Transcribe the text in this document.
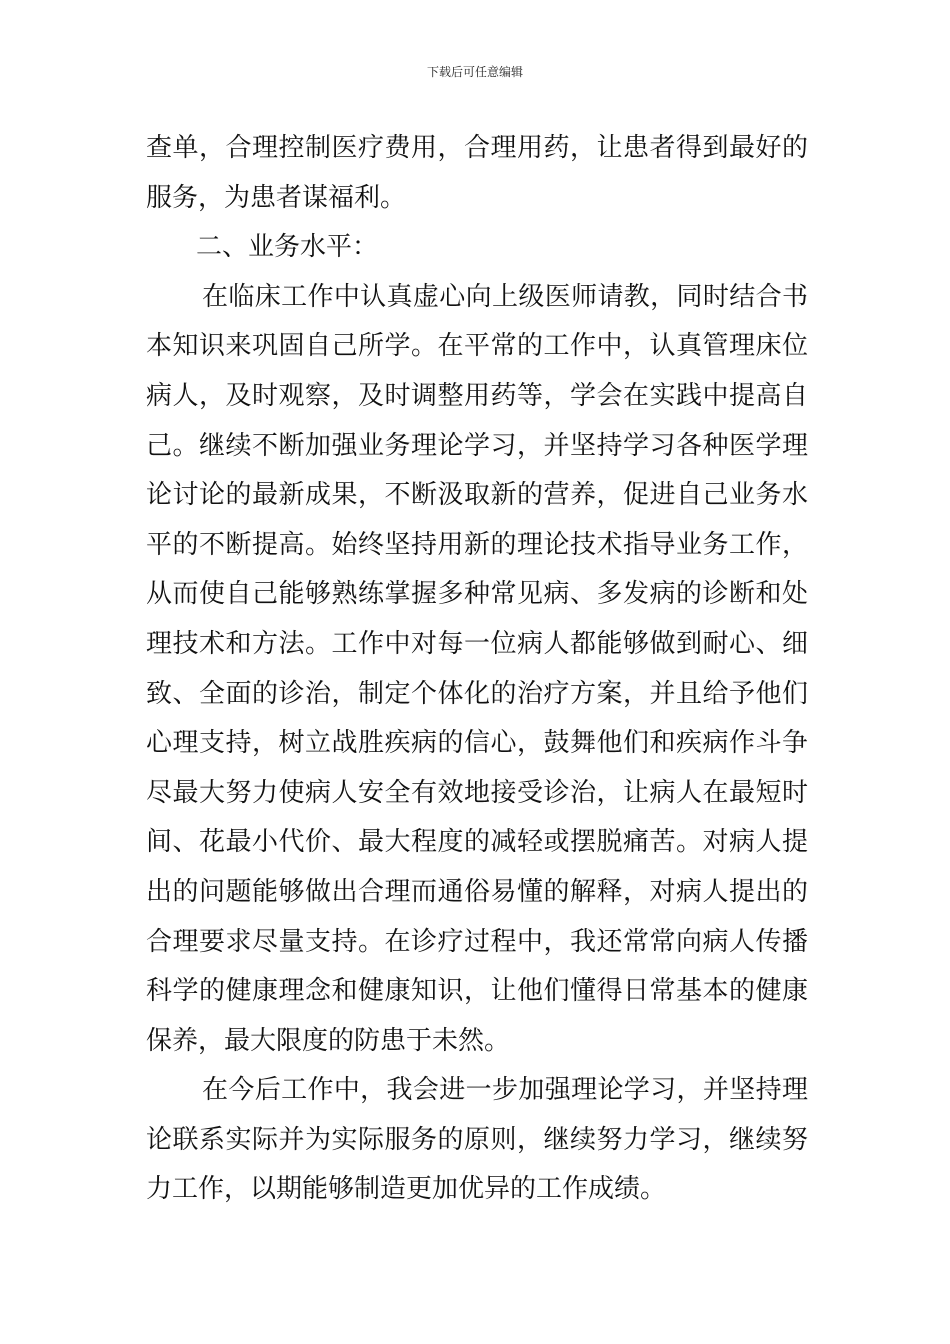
下载后可任意编辑
查单，合理控制医疗费用，合理用药，让患者得到最好的
服务，为患者谋福利。
二、业务水平：
在临床工作中认真虚心向上级医师请教，同时结合书
本知识来巩固自己所学。在平常的工作中，认真管理床位
病人，及时观察，及时调整用药等，学会在实践中提高自
己。继续不断加强业务理论学习，并坚持学习各种医学理
论讨论的最新成果，不断汲取新的营养，促进自己业务水
平的不断提高。始终坚持用新的理论技术指导业务工作，
从而使自己能够熟练掌握多种常见病、多发病的诊断和处
理技术和方法。工作中对每一位病人都能够做到耐心、细
致、全面的诊治，制定个体化的治疗方案，并且给予他们
心理支持，树立战胜疾病的信心，鼓舞他们和疾病作斗争
尽最大努力使病人安全有效地接受诊治，让病人在最短时
间、花最小代价、最大程度的减轻或摆脱痛苦。对病人提
出的问题能够做出合理而通俗易懂的解释，对病人提出的
合理要求尽量支持。在诊疗过程中，我还常常向病人传播
科学的健康理念和健康知识，让他们懂得日常基本的健康
保养，最大限度的防患于未然。
在今后工作中，我会进一步加强理论学习，并坚持理
论联系实际并为实际服务的原则，继续努力学习，继续努
力工作，以期能够制造更加优异的工作成绩。
